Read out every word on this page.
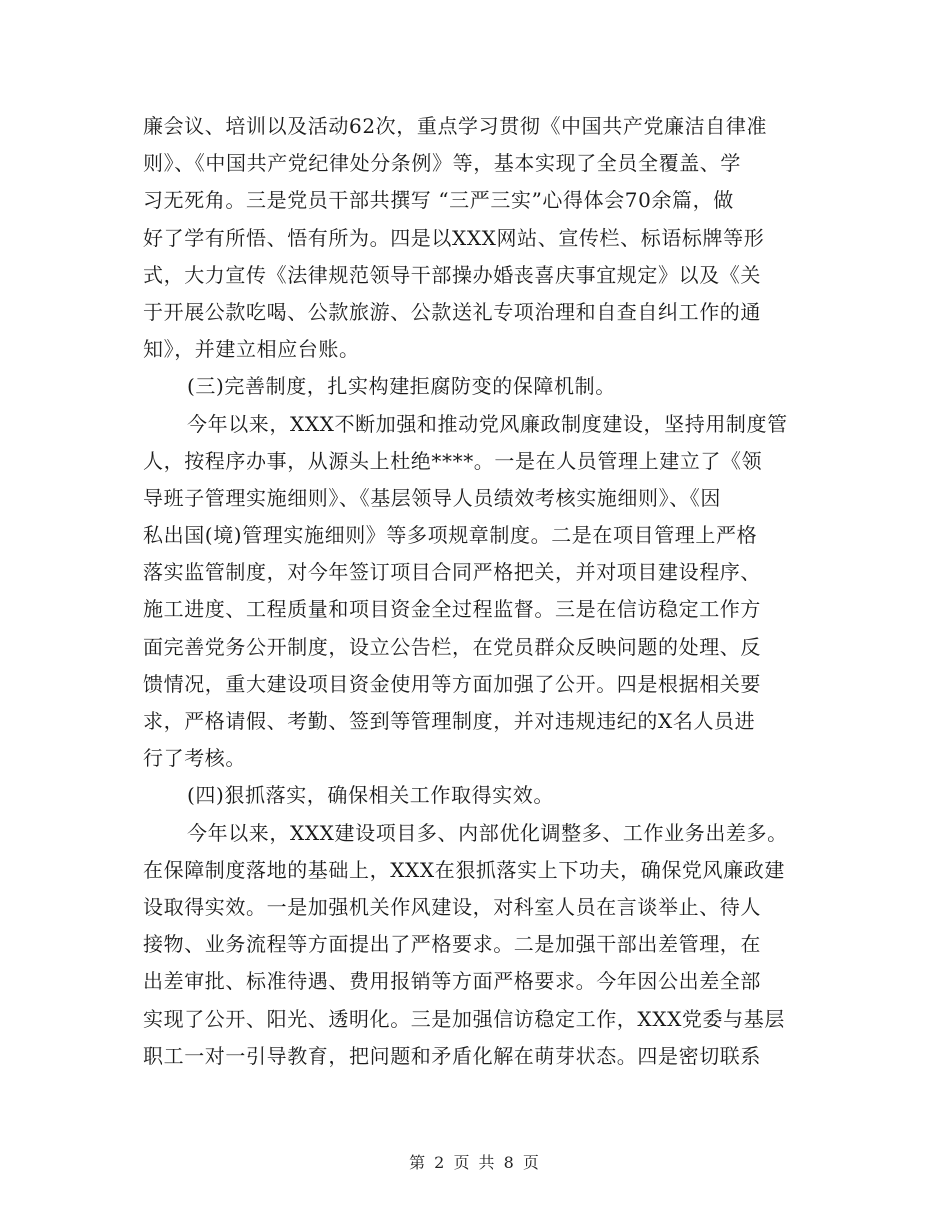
廉会议、培训以及活动62次，重点学习贯彻《中国共产党廉洁自律准
则》、《中国共产党纪律处分条例》等，基本实现了全员全覆盖、学
习无死角。三是党员干部共撰写 “三严三实”心得体会70余篇，做
好了学有所悟、悟有所为。四是以XXX网站、宣传栏、标语标牌等形
式，大力宣传《法律规范领导干部操办婚丧喜庆事宜规定》以及《关
于开展公款吃喝、公款旅游、公款送礼专项治理和自查自纠工作的通
知》，并建立相应台账。
(三)完善制度，扎实构建拒腐防变的保障机制。
今年以来，XXX不断加强和推动党风廉政制度建设，坚持用制度管
人，按程序办事，从源头上杜绝****。一是在人员管理上建立了《领
导班子管理实施细则》、《基层领导人员绩效考核实施细则》、《因
私出国(境)管理实施细则》等多项规章制度。二是在项目管理上严格
落实监管制度，对今年签订项目合同严格把关，并对项目建设程序、
施工进度、工程质量和项目资金全过程监督。三是在信访稳定工作方
面完善党务公开制度，设立公告栏，在党员群众反映问题的处理、反
馈情况，重大建设项目资金使用等方面加强了公开。四是根据相关要
求，严格请假、考勤、签到等管理制度，并对违规违纪的X名人员进
行了考核。
(四)狠抓落实，确保相关工作取得实效。
今年以来，XXX建设项目多、内部优化调整多、工作业务出差多。
在保障制度落地的基础上，XXX在狠抓落实上下功夫，确保党风廉政建
设取得实效。一是加强机关作风建设，对科室人员在言谈举止、待人
接物、业务流程等方面提出了严格要求。二是加强干部出差管理，在
出差审批、标准待遇、费用报销等方面严格要求。今年因公出差全部
实现了公开、阳光、透明化。三是加强信访稳定工作，XXX党委与基层
职工一对一引导教育，把问题和矛盾化解在萌芽状态。四是密切联系
第 2 页 共 8 页
